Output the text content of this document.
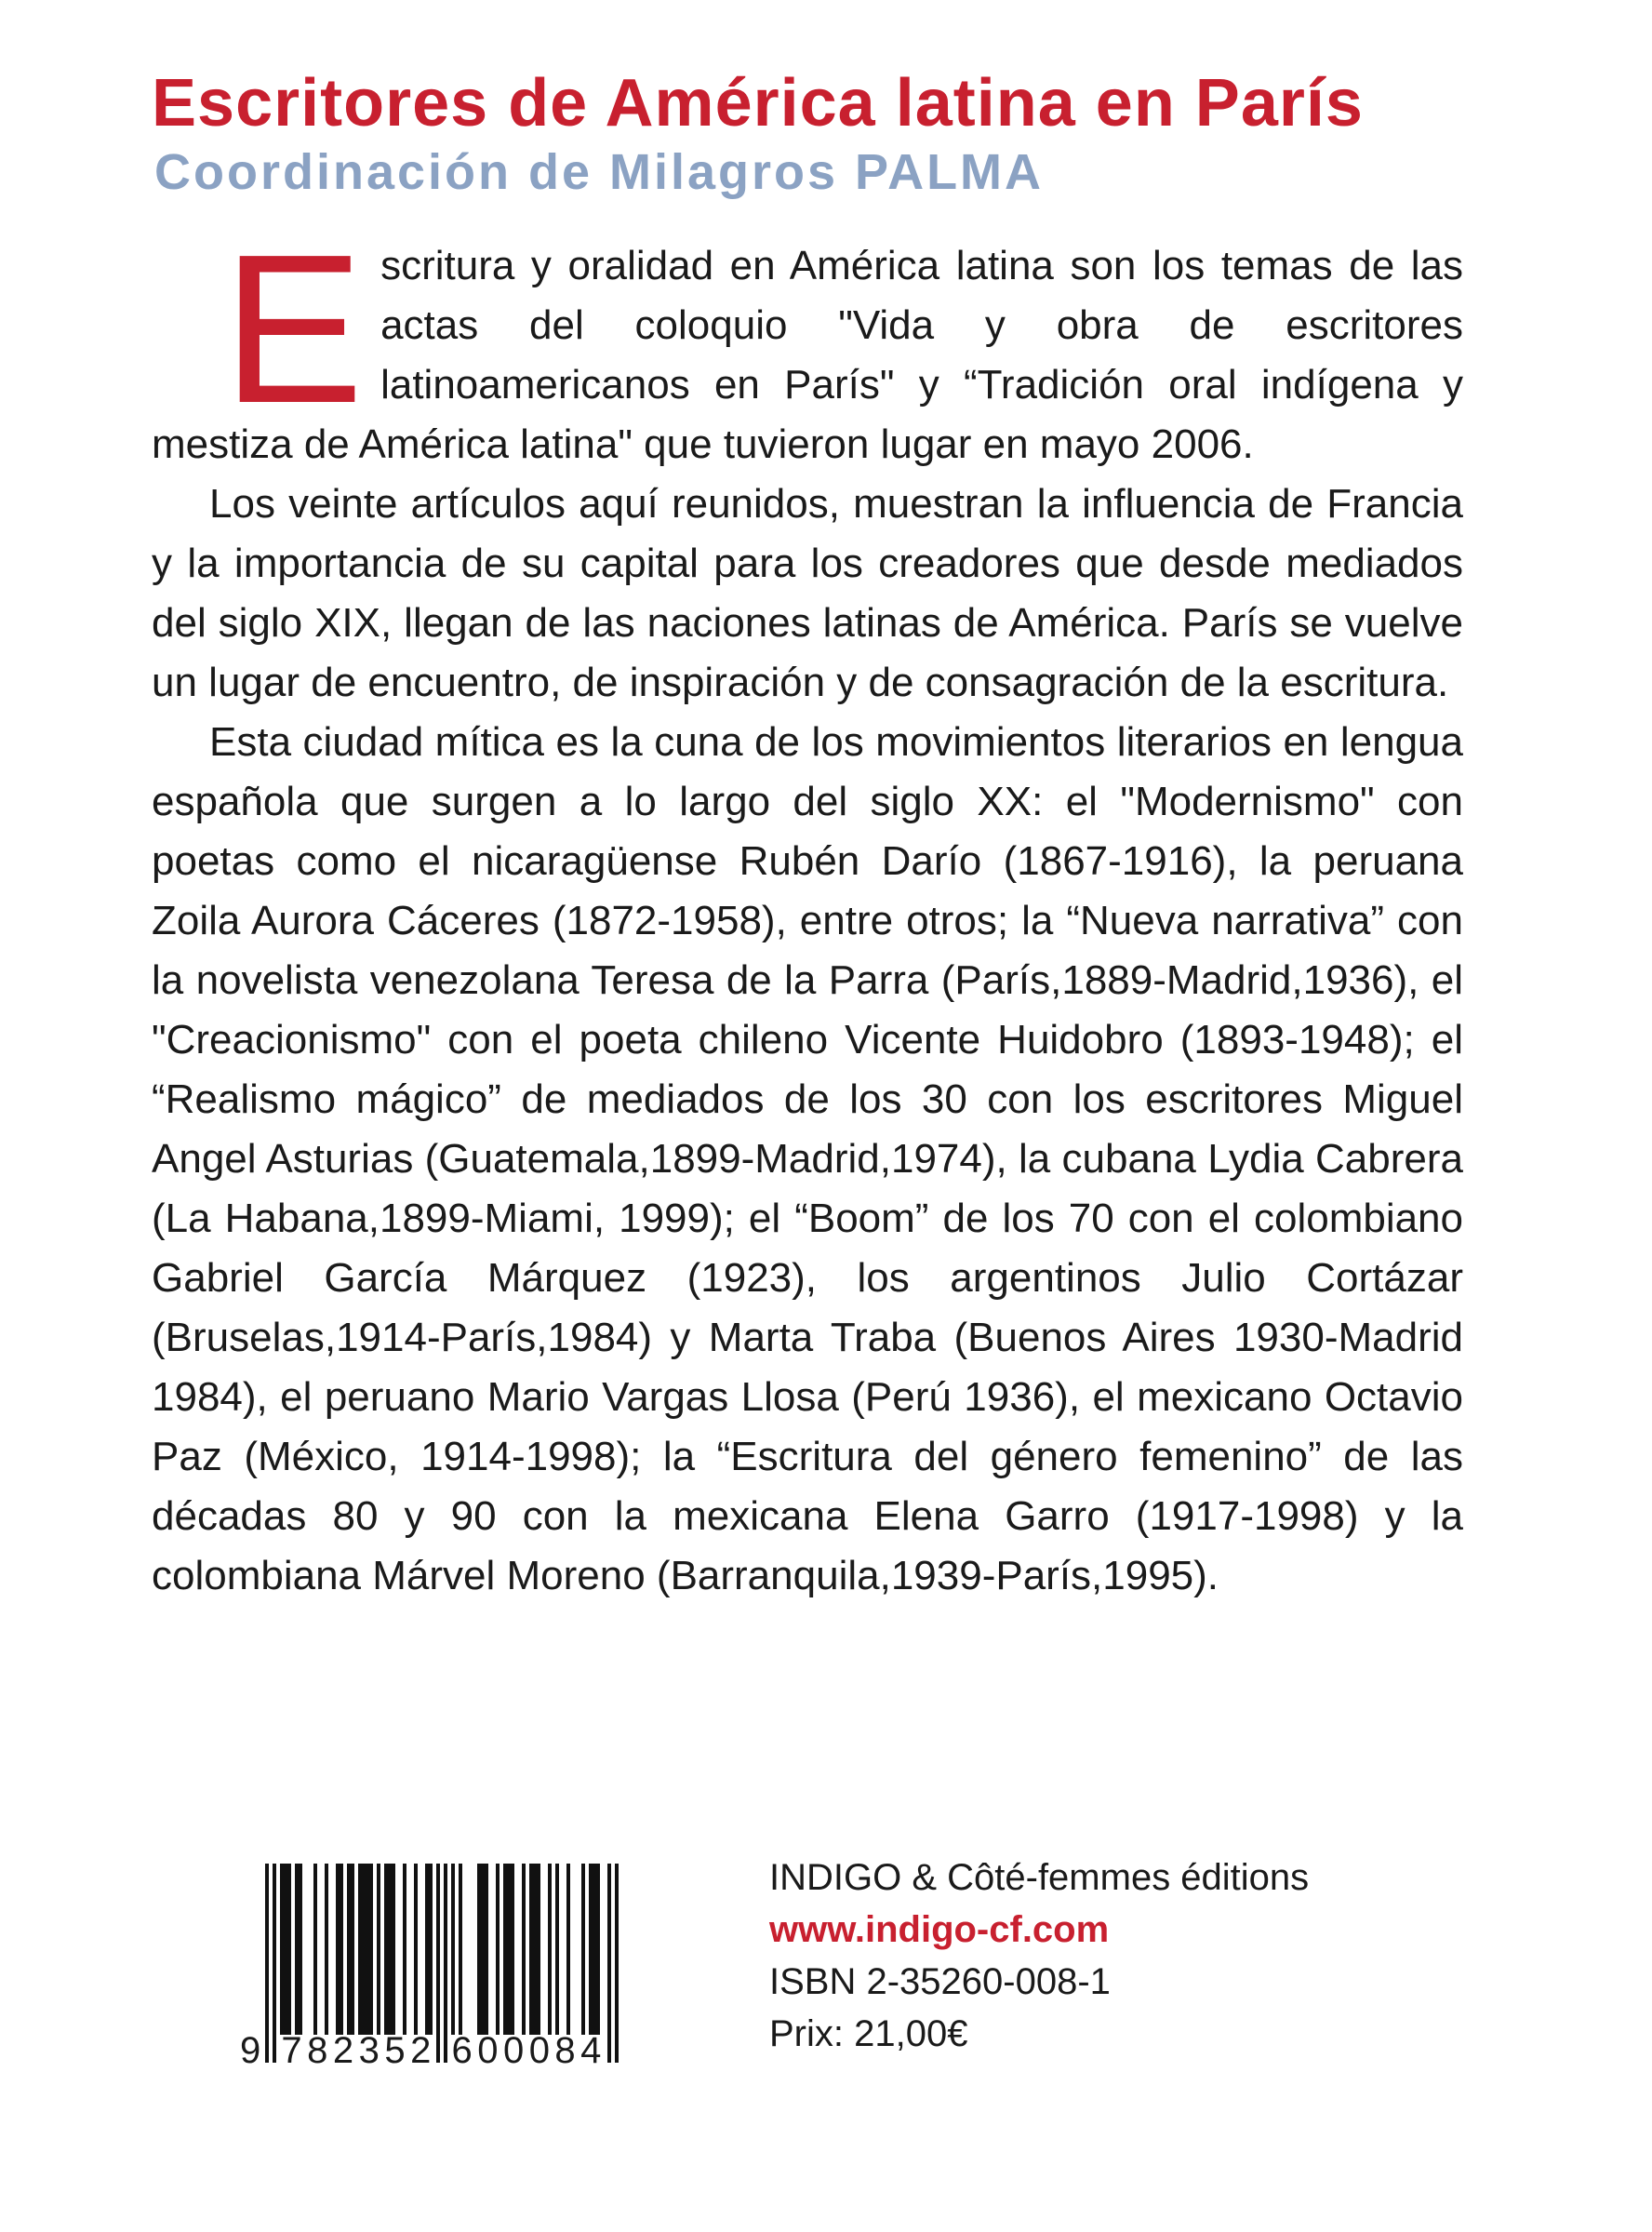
Escritores de América latina en París
Coordinación de Milagros PALMA

Escritura y oralidad en América latina son los temas de las actas del coloquio "Vida y obra de escritores latinoamericanos en París" y “Tradición oral indígena y mestiza de América latina" que tuvieron lugar en mayo 2006.

Los veinte artículos aquí reunidos, muestran la influencia de Francia y la importancia de su capital para los creadores que desde mediados del siglo XIX, llegan de las naciones latinas de América. París se vuelve un lugar de encuentro, de inspiración y de consagración de la escritura.

Esta ciudad mítica es la cuna de los movimientos literarios en lengua española que surgen a lo largo del siglo XX: el "Modernismo" con poetas como el nicaragüense Rubén Darío (1867-1916), la peruana Zoila Aurora Cáceres (1872-1958), entre otros; la “Nueva narrativa” con la novelista venezolana Teresa de la Parra (París,1889-Madrid,1936), el "Creacionismo" con el poeta chileno Vicente Huidobro (1893-1948); el “Realismo mágico” de mediados de los 30 con los escritores Miguel Angel Asturias (Guatemala,1899-Madrid,1974), la cubana Lydia Cabrera (La Habana,1899-Miami, 1999); el “Boom” de los 70 con el colombiano Gabriel García Márquez (1923), los argentinos Julio Cortázar (Bruselas,1914-París,1984) y Marta Traba (Buenos Aires 1930-Madrid 1984), el peruano Mario Vargas Llosa (Perú 1936), el mexicano Octavio Paz (México, 1914-1998); la “Escritura del género femenino” de las décadas 80 y 90 con la mexicana Elena Garro (1917-1998) y la colombiana Márvel Moreno (Barranquila,1939-París,1995).

9 782352 600084
INDIGO & Côté-femmes éditions
www.indigo-cf.com
ISBN 2-35260-008-1
Prix: 21,00€
